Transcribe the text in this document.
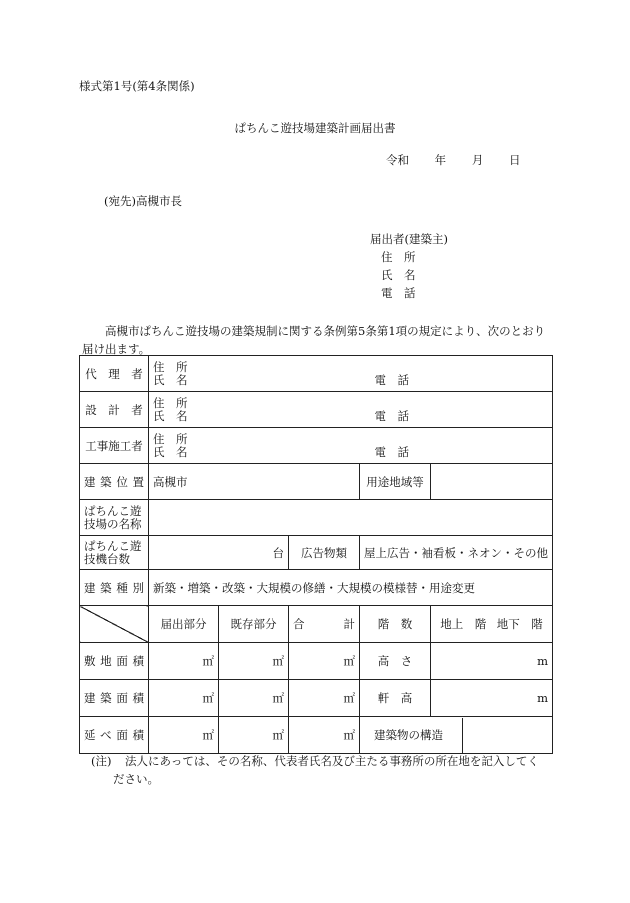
様式第1号(第4条関係)
ぱちんこ遊技場建築計画届出書
令和 年 月 日
(宛先)高槻市長
届出者(建築主)
住　所
氏　名
電　話
高槻市ぱちんこ遊技場の建築規制に関する条例第5条第1項の規定により、次のとおり
届け出ます。
代　理　者	住　所
氏　名 電　話				

設　計　者	住　所
氏　名 電　話				

工事施工者	住　所
氏　名 電　話				

建 築 位 置	高槻市			用途地域等	

ぱちんこ遊
技場の名称					

ぱちんこ遊
技機台数	台		広告物類	屋上広告・袖看板・ネオン・その他	

建 築 種 別	新築・増築・改築・大規模の修繕・大規模の模様替・用途変更				
	届出部分	既存部分	合 計	階　数	地上　階 地下　階

敷 地 面 積	㎡	㎡	㎡	高　さ	m

建 築 面 積	㎡	㎡	㎡	軒　高	m

延 べ 面 積	㎡	㎡	㎡	建築物の構造	
(注) 法人にあっては、その名称、代表者氏名及び主たる事務所の所在地を記入してく
ださい。
